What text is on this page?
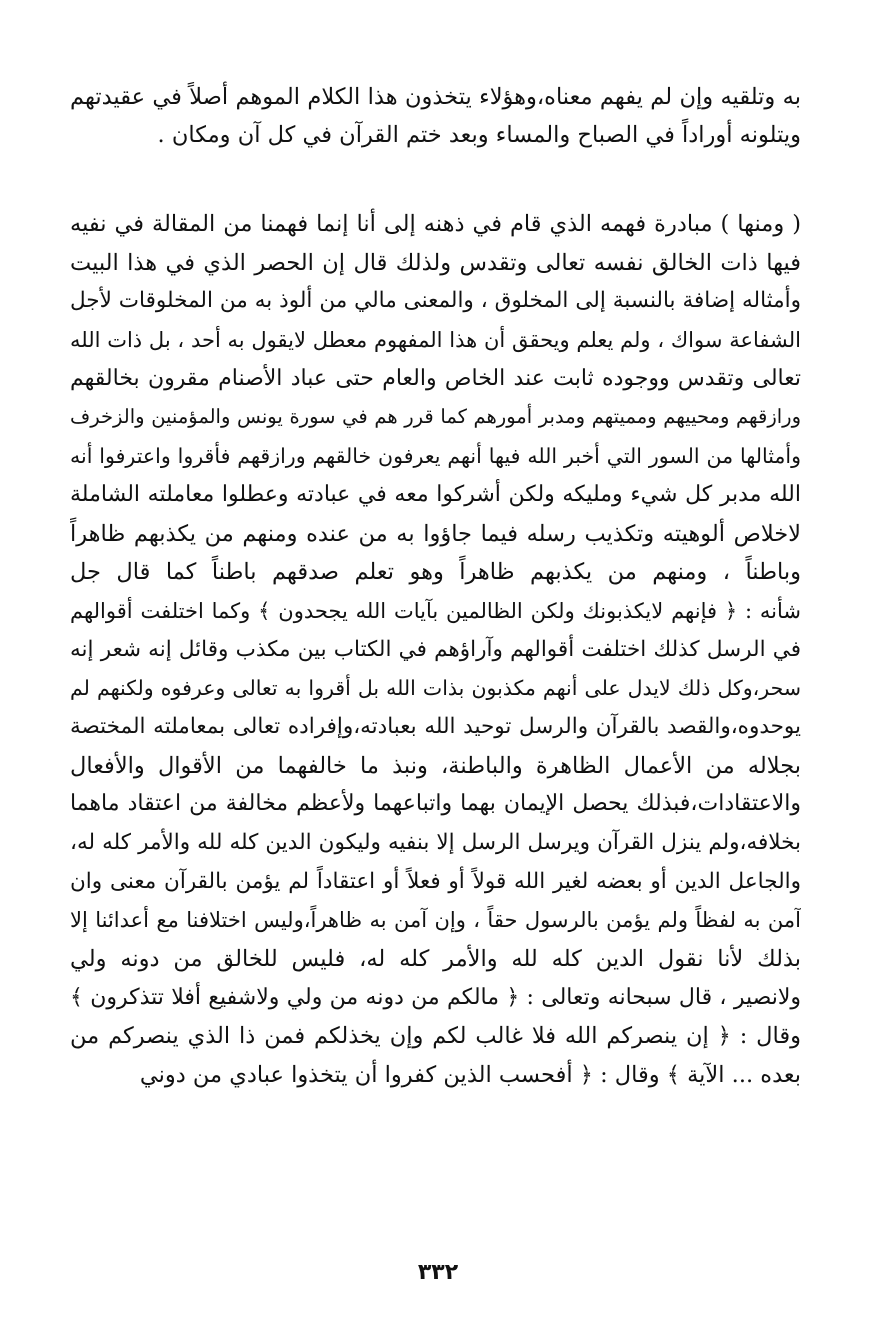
به وتلقيه وإن لم يفهم معناه،وهؤلاء يتخذون هذا الكلام الموهم أصلاً في عقيدتهم
ويتلونه أوراداً في الصباح والمساء وبعد ختم القرآن في كل آن ومكان .
( ومنها ) مبادرة فهمه الذي قام في ذهنه إلى أنا إنما فهمنا من المقالة في نفيه
فيها ذات الخالق نفسه تعالى وتقدس ولذلك قال إن الحصر الذي في هذا البيت
وأمثاله إضافة بالنسبة إلى المخلوق ، والمعنى مالي من ألوذ به من المخلوقات لأجل
الشفاعة سواك ، ولم يعلم ويحقق أن هذا المفهوم معطل لايقول به أحد ، بل ذات الله
تعالى وتقدس ووجوده ثابت عند الخاص والعام حتى عباد الأصنام مقرون بخالقهم
ورازقهم ومحييهم ومميتهم ومدبر أمورهم كما قرر هم في سورة يونس والمؤمنين والزخرف
وأمثالها من السور التي أخبر الله فيها أنهم يعرفون خالقهم ورازقهم فأقروا واعترفوا أنه
الله مدبر كل شيء ومليكه ولكن أشركوا معه في عبادته وعطلوا معاملته الشاملة
لاخلاص ألوهيته وتكذيب رسله فيما جاؤوا به من عنده ومنهم من يكذبهم ظاهراً
وباطناً ، ومنهم من يكذبهم ظاهراً وهو تعلم صدقهم باطناً كما قال جل
شأنه : ﴿ فإنهم لايكذبونك ولكن الظالمين بآيات الله يجحدون ﴾ وكما اختلفت أقوالهم
في الرسل كذلك اختلفت أقوالهم وآراؤهم في الكتاب بين مكذب وقائل إنه شعر إنه
سحر،وكل ذلك لايدل على أنهم مكذبون بذات الله بل أقروا به تعالى وعرفوه ولكنهم لم
يوحدوه،والقصد بالقرآن والرسل توحيد الله بعبادته،وإفراده تعالى بمعاملته المختصة
بجلاله من الأعمال الظاهرة والباطنة، ونبذ ما خالفهما من الأقوال والأفعال
والاعتقادات،فبذلك يحصل الإيمان بهما واتباعهما ولأعظم مخالفة من اعتقاد ماهما
بخلافه،ولم ينزل القرآن ويرسل الرسل إلا بنفيه وليكون الدين كله لله والأمر كله له،
والجاعل الدين أو بعضه لغير الله قولاً أو فعلاً أو اعتقاداً لم يؤمن بالقرآن معنى وان
آمن به لفظاً ولم يؤمن بالرسول حقاً ، وإن آمن به ظاهراً،وليس اختلافنا مع أعدائنا إلا
بذلك لأنا نقول الدين كله لله والأمر كله له، فليس للخالق من دونه ولي
ولانصير ، قال سبحانه وتعالى : ﴿ مالكم من دونه من ولي ولاشفيع أفلا تتذكرون ﴾
وقال : ﴿ إن ينصركم الله فلا غالب لكم وإن يخذلكم فمن ذا الذي ينصركم من
بعده ... الآية ﴾ وقال : ﴿ أفحسب الذين كفروا أن يتخذوا عبادي من دوني
٣٣٢
